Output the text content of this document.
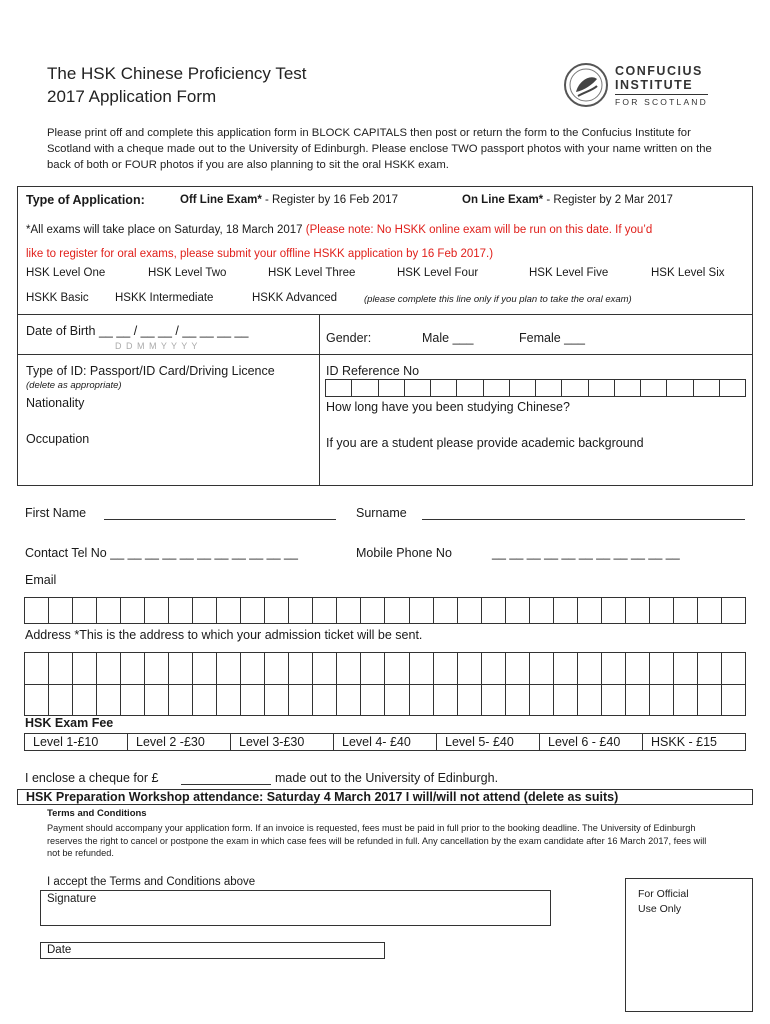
The HSK Chinese Proficiency Test
2017 Application Form
CONFUCIUS
INSTITUTE
FOR SCOTLAND
Please print off and complete this application form in BLOCK CAPITALS then post or return the form to the Confucius Institute for Scotland with a cheque made out to the University of Edinburgh. Please enclose TWO passport photos with your name written on the back of both or FOUR photos if you are also planning to sit the oral HSKK exam.
Type of Application:	Off Line Exam* - Register by 16 Feb 2017	On Line Exam* - Register by 2 Mar 2017
*All exams will take place on Saturday, 18 March 2017 (Please note: No HSKK online exam will be run on this date. If you’d
like to register for oral exams, please submit your offline HSKK application by 16 Feb 2017.)
HSK Level One	HSK Level Two	HSK Level Three	HSK Level Four	HSK Level Five	HSK Level Six
HSKK Basic HSKK Intermediate	HSKK Advanced	(please complete this line only if you plan to take the oral exam)
Date of Birth __ __ / __ __ / __ __ __ __
D D M M Y Y Y Y
Gender:	Male ___	Female ___
Type of ID: Passport/ID Card/Driving Licence
(delete as appropriate)
Nationality
Occupation
ID Reference No
How long have you been studying Chinese?
If you are a student please provide academic background
First Name	Surname
Contact Tel No __ __ __ __ __ __ __ __ __ __ __	Mobile Phone No	__ __ __ __ __ __ __ __ __ __ __
Email
Address *This is the address to which your admission ticket will be sent.
HSK Exam Fee
Level 1-£10	Level 2 -£30	Level 3-£30	Level 4- £40	Level 5- £40	Level 6 - £40	HSKK - £15
I enclose a cheque for £	made out to the University of Edinburgh.
HSK Preparation Workshop attendance: Saturday 4 March 2017 I will/will not attend (delete as suits)
Terms and Conditions
Payment should accompany your application form. If an invoice is requested, fees must be paid in full prior to the booking deadline. The University of Edinburgh reserves the right to cancel or postpone the exam in which case fees will be refunded in full. Any cancellation by the exam candidate after 16 March 2017, fees will not be refunded.
I accept the Terms and Conditions above
Signature
Date
For Official
Use Only
